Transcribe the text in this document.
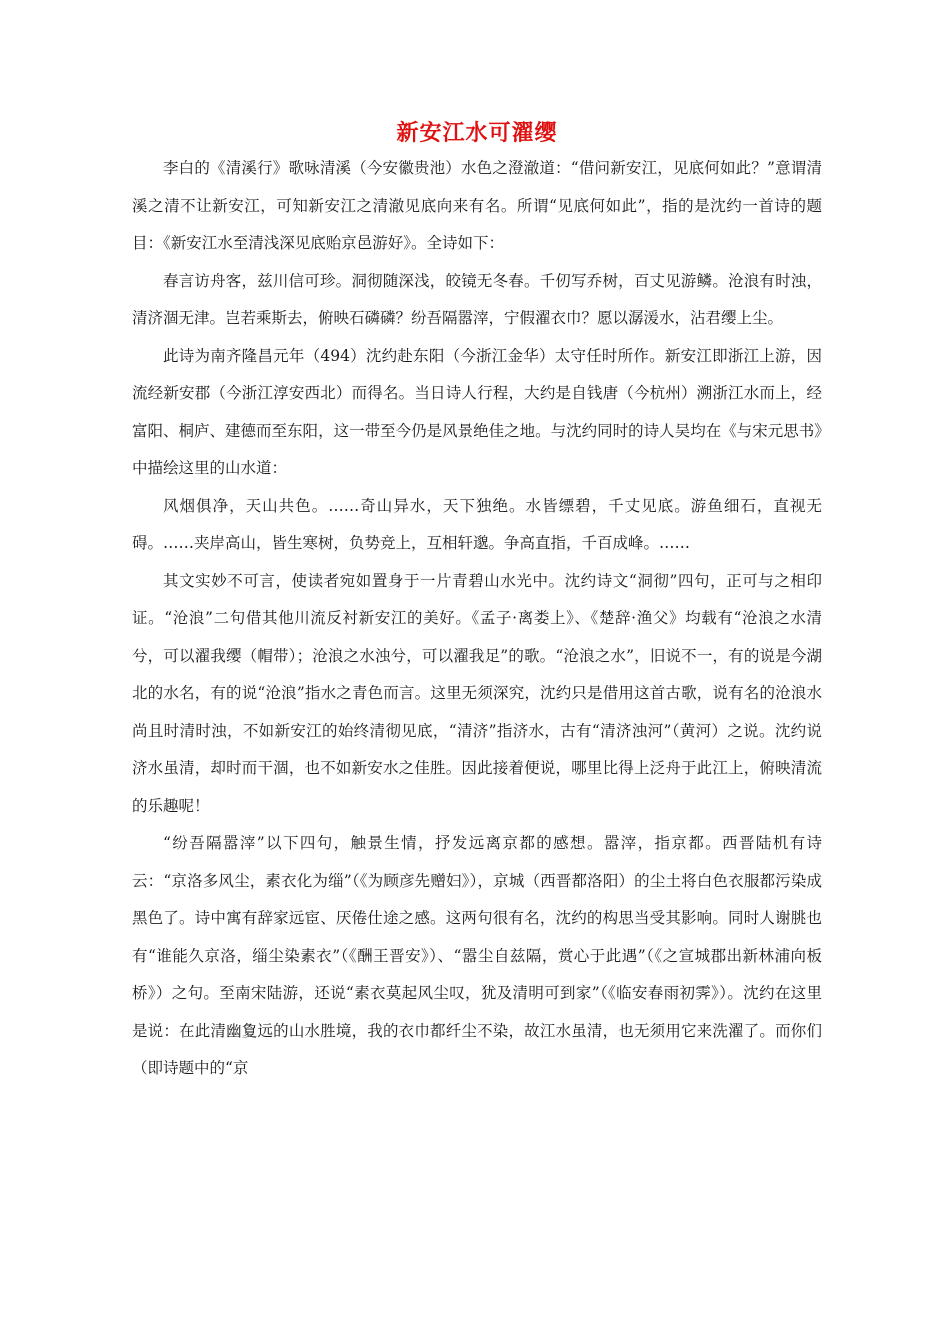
新安江水可濯缨

李白的《清溪行》歌咏清溪（今安徽贵池）水色之澄澈道：“借问新安江，见底何如此？”意谓清溪之清不让新安江，可知新安江之清澈见底向来有名。所谓“见底何如此”，指的是沈约一首诗的题目：《新安江水至清浅深见底贻京邑游好》。全诗如下：

春言访舟客，兹川信可珍。洞彻随深浅，皎镜无冬春。千仞写乔树，百丈见游鳞。沧浪有时浊，清济涸无津。岂若乘斯去，俯映石磷磷？纷吾隔嚣滓，宁假濯衣巾？愿以潺湲水，沾君缨上尘。

此诗为南齐隆昌元年（494）沈约赴东阳（今浙江金华）太守任时所作。新安江即浙江上游，因流经新安郡（今浙江淳安西北）而得名。当日诗人行程，大约是自钱唐（今杭州）溯浙江水而上，经富阳、桐庐、建德而至东阳，这一带至今仍是风景绝佳之地。与沈约同时的诗人吴均在《与宋元思书》中描绘这里的山水道：

风烟俱净，天山共色。……奇山异水，天下独绝。水皆缥碧，千丈见底。游鱼细石，直视无碍。……夹岸高山，皆生寒树，负势竞上，互相轩邈。争高直指，千百成峰。……

其文实妙不可言，使读者宛如置身于一片青碧山水光中。沈约诗文“洞彻”四句，正可与之相印证。“沧浪”二句借其他川流反衬新安江的美好。《孟子·离娄上》、《楚辞·渔父》均载有“沧浪之水清兮，可以濯我缨（帽带）；沧浪之水浊兮，可以濯我足”的歌。“沧浪之水”，旧说不一，有的说是今湖北的水名，有的说“沧浪”指水之青色而言。这里无须深究，沈约只是借用这首古歌，说有名的沧浪水尚且时清时浊，不如新安江的始终清彻见底，“清济”指济水，古有“清济浊河”（黄河）之说。沈约说济水虽清，却时而干涸，也不如新安水之佳胜。因此接着便说，哪里比得上泛舟于此江上，俯映清流的乐趣呢！

“纷吾隔嚣滓”以下四句，触景生情，抒发远离京都的感想。嚣滓，指京都。西晋陆机有诗云：“京洛多风尘，素衣化为缁”（《为顾彦先赠妇》），京城（西晋都洛阳）的尘土将白色衣服都污染成黑色了。诗中寓有辞家远宦、厌倦仕途之感。这两句很有名，沈约的构思当受其影响。同时人谢朓也有“谁能久京洛，缁尘染素衣”（《酬王晋安》）、“嚣尘自兹隔，赏心于此遇”（《之宣城郡出新林浦向板桥》）之句。至南宋陆游，还说“素衣莫起风尘叹，犹及清明可到家”（《临安春雨初霁》）。沈约在这里是说：在此清幽夐远的山水胜境，我的衣巾都纤尘不染，故江水虽清，也无须用它来洗濯了。而你们（即诗题中的“京
